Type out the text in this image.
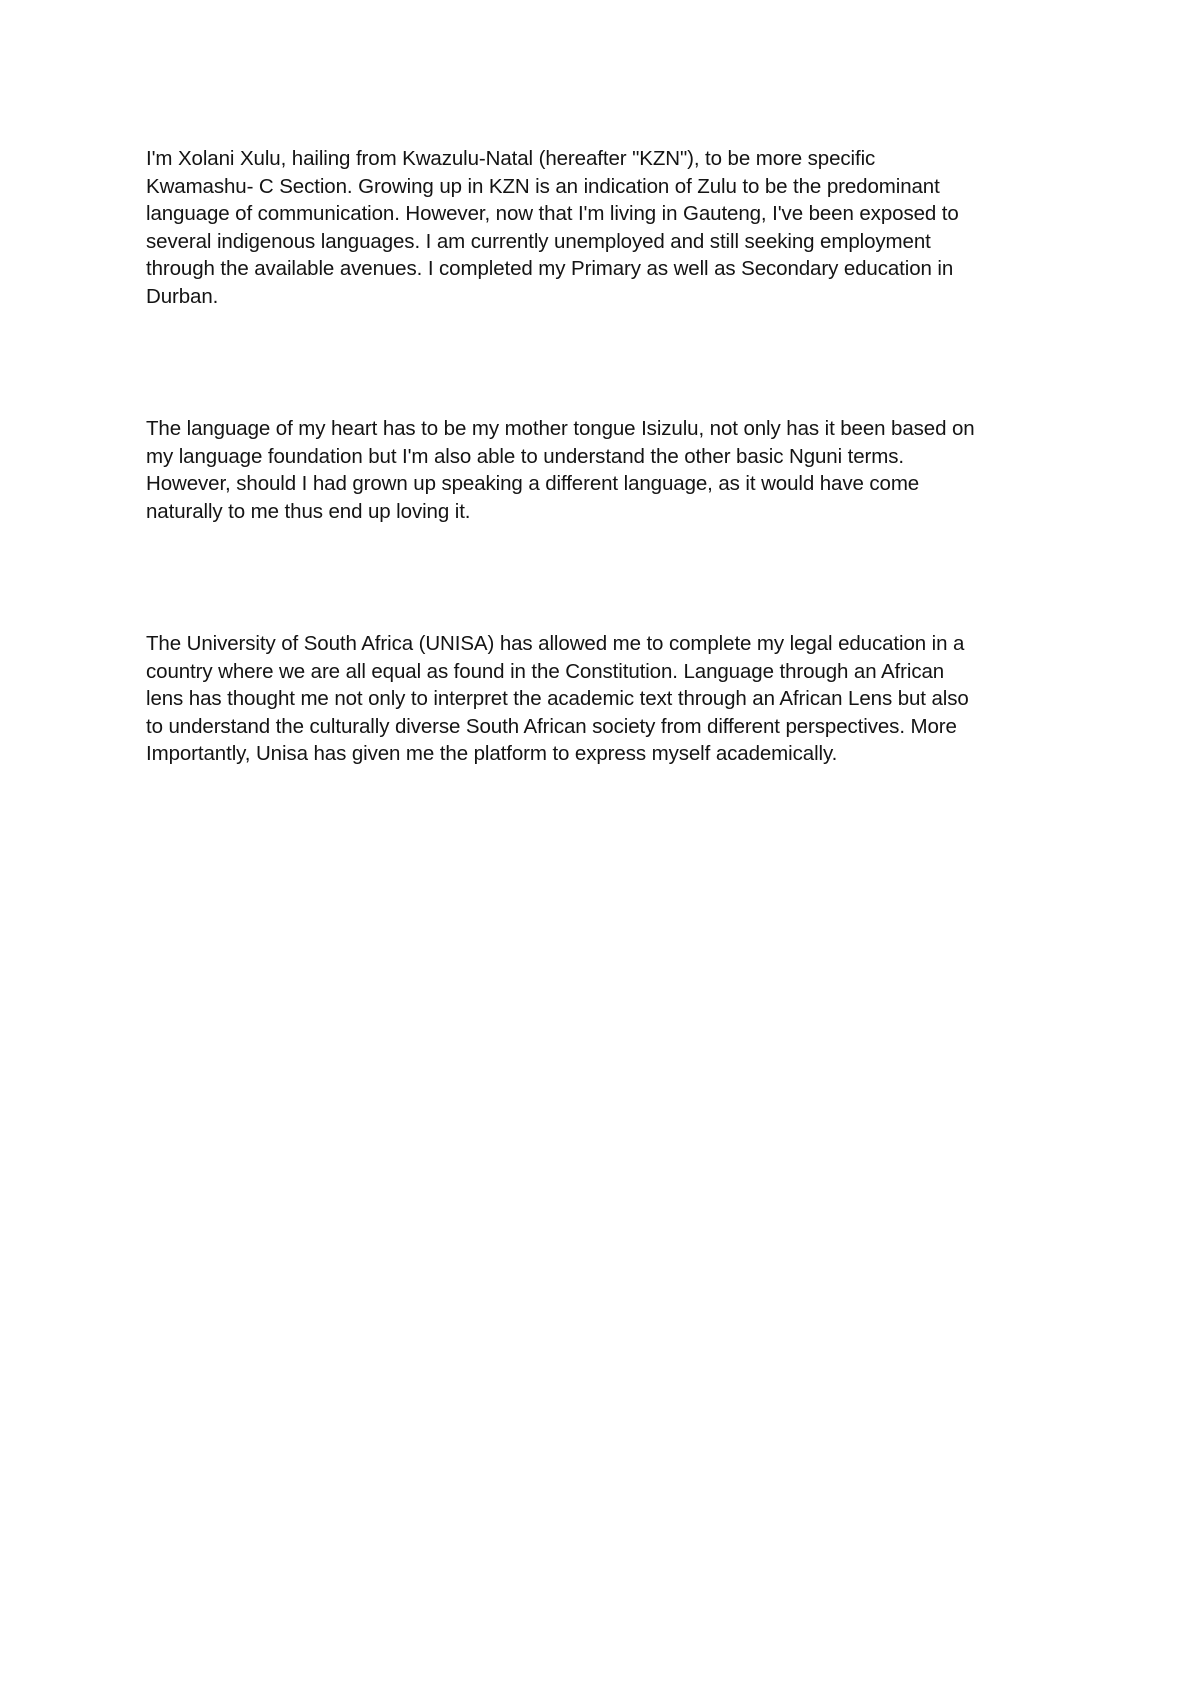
I'm Xolani Xulu, hailing from Kwazulu-Natal (hereafter "KZN"), to be more specific
Kwamashu- C Section. Growing up in KZN is an indication of Zulu to be the predominant
language of communication. However, now that I'm living in Gauteng, I've been exposed to
several indigenous languages. I am currently unemployed and still seeking employment
through the available avenues. I completed my Primary as well as Secondary education in
Durban.

The language of my heart has to be my mother tongue Isizulu, not only has it been based on
my language foundation but I'm also able to understand the other basic Nguni terms.
However, should I had grown up speaking a different language, as it would have come
naturally to me thus end up loving it.

The University of South Africa (UNISA) has allowed me to complete my legal education in a
country where we are all equal as found in the Constitution. Language through an African
lens has thought me not only to interpret the academic text through an African Lens but also
to understand the culturally diverse South African society from different perspectives. More
Importantly, Unisa has given me the platform to express myself academically.
